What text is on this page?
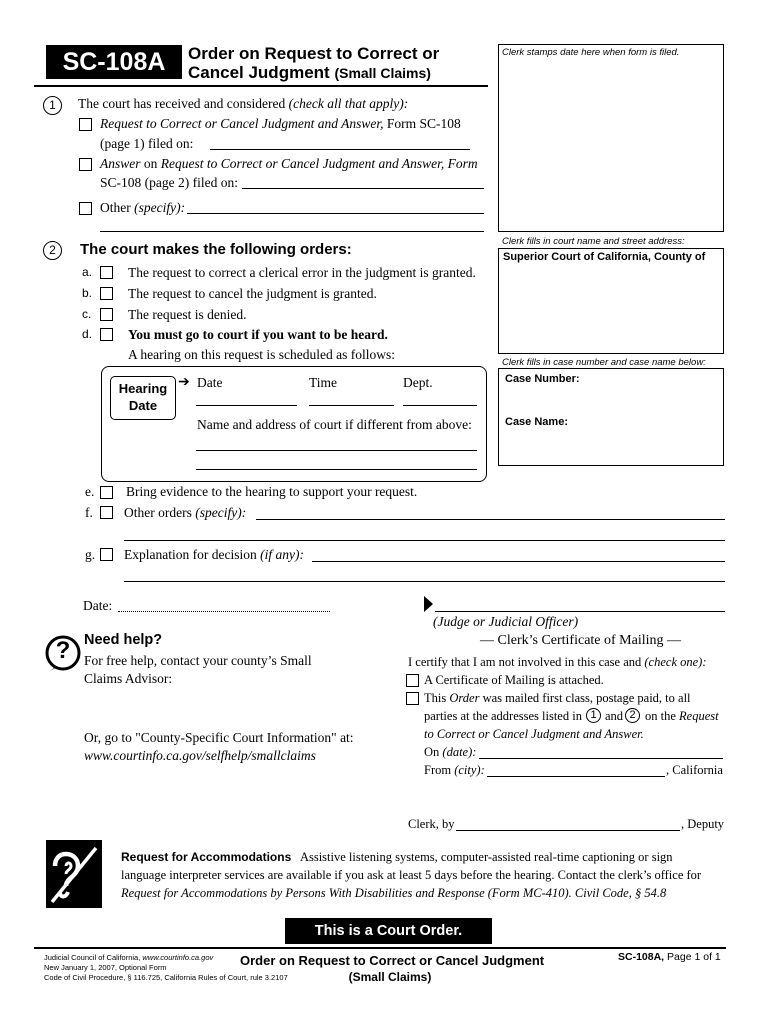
SC-108A	Order on Request to Correct or
Cancel Judgment (Small Claims)
Clerk stamps date here when form is filed.
Clerk fills in court name and street address:
Superior Court of California, County of
Clerk fills in case number and case name below:
Case Number:
Case Name:
1	The court has received and considered (check all that apply):
Request to Correct or Cancel Judgment and Answer, Form SC-108
(page 1) filed on:
Answer on Request to Correct or Cancel Judgment and Answer, Form
SC-108 (page 2) filed on:
Other (specify):
2	The court makes the following orders:
a.	The request to correct a clerical error in the judgment is granted.
b.	The request to cancel the judgment is granted.
c.	The request is denied.
d.	You must go to court if you want to be heard.
A hearing on this request is scheduled as follows:
Hearing
Date
➔ Date	Time	Dept.
Name and address of court if different from above:
e. Bring evidence to the hearing to support your request.
f. Other orders (specify):
g. Explanation for decision (if any):
Date:
(Judge or Judicial Officer)
? Need help?
For free help, contact your county’s Small
Claims Advisor:
Or, go to "County-Specific Court Information" at:
www.courtinfo.ca.gov/selfhelp/smallclaims
— Clerk’s Certificate of Mailing —
I certify that I am not involved in this case and (check one):
A Certificate of Mailing is attached.
This Order was mailed first class, postage paid, to all
parties at the addresses listed in 1 and 2 on the Request
to Correct or Cancel Judgment and Answer.
On (date):
From (city):	, California
Clerk, by	, Deputy
Request for Accommodations Assistive listening systems, computer-assisted real-time captioning or sign
language interpreter services are available if you ask at least 5 days before the hearing. Contact the clerk’s office for
Request for Accommodations by Persons With Disabilities and Response (Form MC-410). Civil Code, § 54.8
This is a Court Order.
Judicial Council of California, www.courtinfo.ca.gov
New January 1, 2007, Optional Form
Code of Civil Procedure, § 116.725, California Rules of Court, rule 3.2107
Order on Request to Correct or Cancel Judgment
(Small Claims)
SC-108A, Page 1 of 1
